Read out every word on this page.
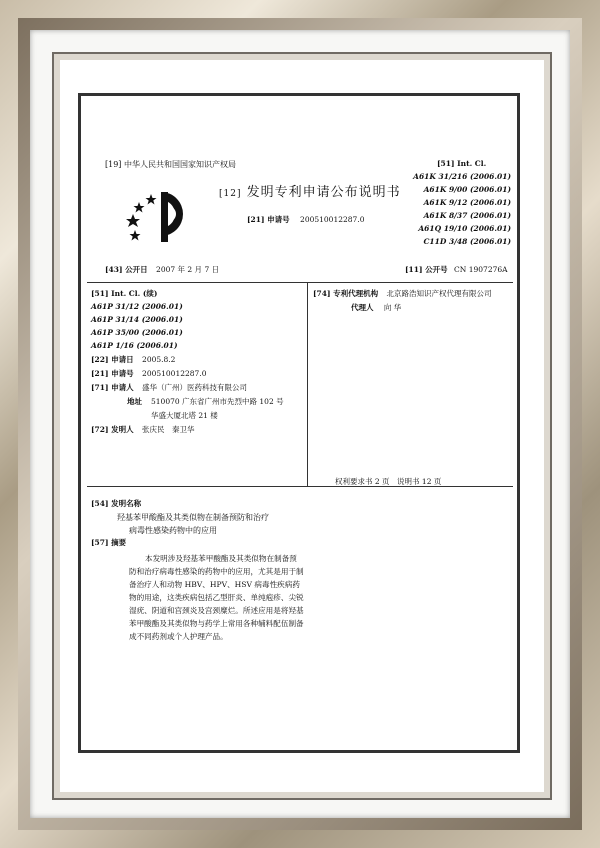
[19] 中华人民共和国国家知识产权局
[12] 发明专利申请公布说明书
[21] 申请号 200510012287.0
[51] Int. Cl.
A61K 31/216 (2006.01)
A61K 9/00 (2006.01)
A61K 9/12 (2006.01)
A61K 8/37 (2006.01)
A61Q 19/10 (2006.01)
C11D 3/48 (2006.01)
[43] 公开日 2007 年 2 月 7 日	[11] 公开号 CN 1907276A
[51] Int. Cl. (续)
A61P 31/12 (2006.01)
A61P 31/14 (2006.01)
A61P 35/00 (2006.01)
A61P 1/16 (2006.01)
[22] 申请日 2005.8.2
[21] 申请号 200510012287.0
[71] 申请人 盛华（广州）医药科技有限公司
地址 510070 广东省广州市先烈中路 102 号
华盛大厦北塔 21 楼
[72] 发明人 张庆民　秦卫华
[74] 专利代理机构 北京路浩知识产权代理有限公司
代理人 向 华
权利要求书 2 页　说明书 12 页
[54] 发明名称
羟基苯甲酸酯及其类似物在制备预防和治疗
病毒性感染药物中的应用
[57] 摘要
本发明涉及羟基苯甲酸酯及其类似物在制备预防和治疗病毒性感染的药物中的应用，尤其是用于制备治疗人和动物 HBV、HPV、HSV 病毒性疾病药物的用途，这类疾病包括乙型肝炎、单纯疱疹、尖锐湿疣、阴道和宫颈炎及宫颈糜烂。所述应用是将羟基苯甲酸酯及其类似物与药学上常用各种辅料配伍制备成不同药剂或个人护理产品。
